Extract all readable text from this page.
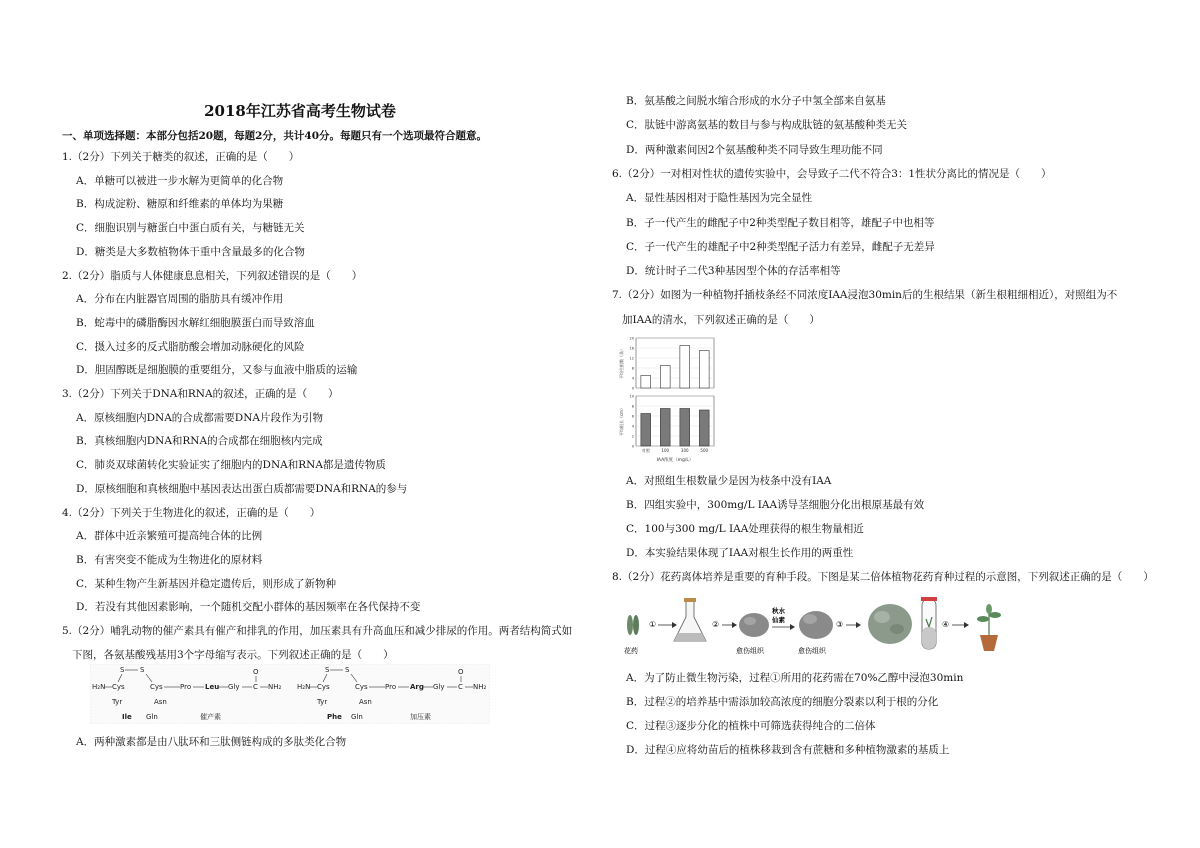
2018年江苏省高考生物试卷
一、单项选择题：本部分包括20题，每题2分，共计40分。每题只有一个选项最符合题意。
1.（2分）下列关于糖类的叙述，正确的是（　　）
A．单糖可以被进一步水解为更简单的化合物
B．构成淀粉、糖原和纤维素的单体均为果糖
C．细胞识别与糖蛋白中蛋白质有关，与糖链无关
D．糖类是大多数植物体干重中含量最多的化合物
2.（2分）脂质与人体健康息息相关，下列叙述错误的是（　　）
A．分布在内脏器官周围的脂肪具有缓冲作用
B．蛇毒中的磷脂酶因水解红细胞膜蛋白而导致溶血
C．摄入过多的反式脂肪酸会增加动脉硬化的风险
D．胆固醇既是细胞膜的重要组分，又参与血液中脂质的运输
3.（2分）下列关于DNA和RNA的叙述，正确的是（　　）
A．原核细胞内DNA的合成都需要DNA片段作为引物
B．真核细胞内DNA和RNA的合成都在细胞核内完成
C．肺炎双球菌转化实验证实了细胞内的DNA和RNA都是遗传物质
D．原核细胞和真核细胞中基因表达出蛋白质都需要DNA和RNA的参与
4.（2分）下列关于生物进化的叙述，正确的是（　　）
A．群体中近亲繁殖可提高纯合体的比例
B．有害突变不能成为生物进化的原材料
C．某种生物产生新基因并稳定遗传后，则形成了新物种
D．若没有其他因素影响，一个随机交配小群体的基因频率在各代保持不变
5.（2分）哺乳动物的催产素具有催产和排乳的作用，加压素具有升高血压和减少排尿的作用。两者结构简式如
下图，各氨基酸残基用3个字母缩写表示。下列叙述正确的是（　　）
H₂N Cys
S S
Cys
Tyr	Asn
Ile Gln
Pro Leu Gly C
O
NH₂
催产素
H₂N Cys
S S
Cys
Tyr	Asn
Phe Gln
Pro Arg Gly C
O
NH₂
加压素
A．两种激素都是由八肽环和三肽侧链构成的多肽类化合物
B．氨基酸之间脱水缩合形成的水分子中氢全部来自氨基
C．肽链中游离氨基的数目与参与构成肽链的氨基酸种类无关
D．两种激素间因2个氨基酸种类不同导致生理功能不同
6.（2分）一对相对性状的遗传实验中，会导致子二代不符合3：1性状分离比的情况是（　　）
A．显性基因相对于隐性基因为完全显性
B．子一代产生的雌配子中2种类型配子数目相等，雄配子中也相等
C．子一代产生的雄配子中2种类型配子活力有差异，雌配子无差异
D．统计时子二代3种基因型个体的存活率相等
7.（2分）如图为一种植物扦插枝条经不同浓度IAA浸泡30min后的生根结果（新生根粗细相近），对照组为不
加IAA的清水，下列叙述正确的是（　　）
0
4
8
12
16
20
平均生根数（条）
0
2
4
6
8
10
平均根长（cm）
对照	100	300	500
IAA浓度（mg/L）
A．对照组生根数量少是因为枝条中没有IAA
B．四组实验中，300mg/L IAA诱导茎细胞分化出根原基最有效
C．100与300 mg/L IAA处理获得的根生物量相近
D．本实验结果体现了IAA对根生长作用的两重性
8.（2分）花药离体培养是重要的育种手段。下图是某二倍体植物花药育种过程的示意图，下列叙述正确的是（　　）
花药
①	②
愈伤组织
秋水
仙素
愈伤组织
③	④
A．为了防止微生物污染，过程①所用的花药需在70%乙醇中浸泡30min
B．过程②的培养基中需添加较高浓度的细胞分裂素以利于根的分化
C．过程③逐步分化的植株中可筛选获得纯合的二倍体
D．过程④应将幼苗后的植株移栽到含有蔗糖和多种植物激素的基质上
